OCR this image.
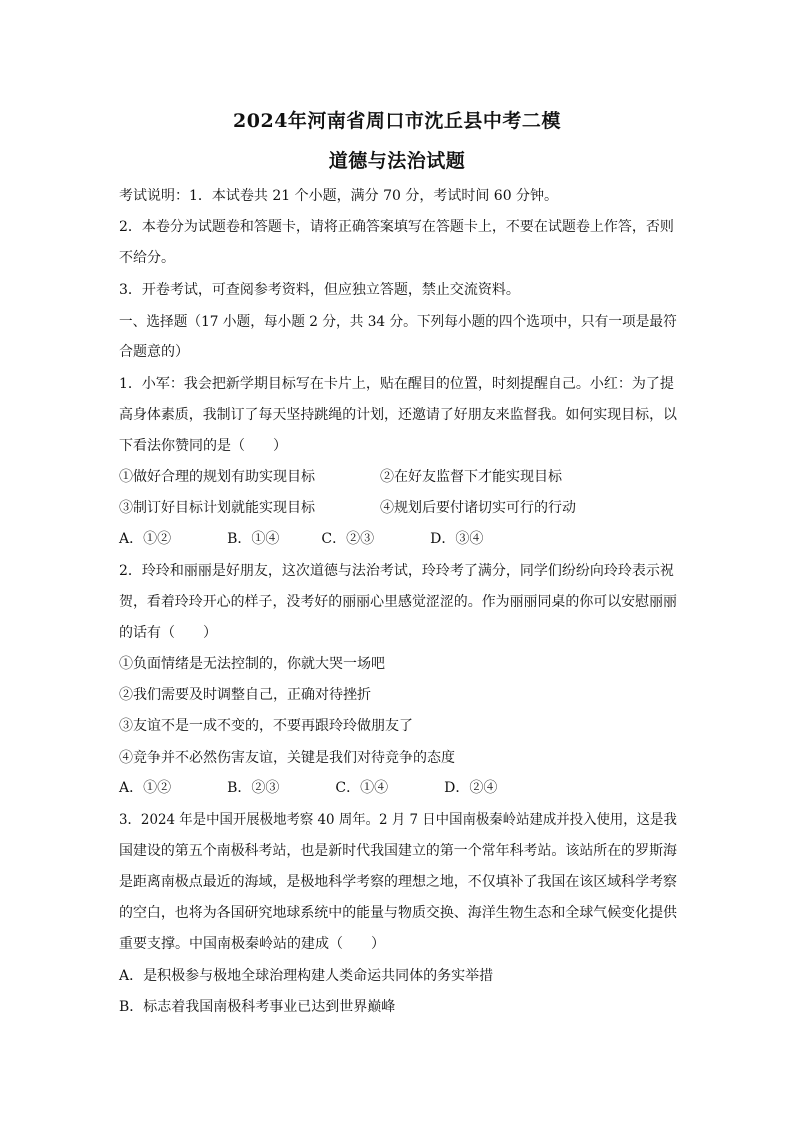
2024年河南省周口市沈丘县中考二模
道德与法治试题
考试说明：1．本试卷共 21 个小题，满分 70 分，考试时间 60 分钟。
2．本卷分为试题卷和答题卡，请将正确答案填写在答题卡上，不要在试题卷上作答，否则
不给分。
3．开卷考试，可查阅参考资料，但应独立答题，禁止交流资料。
一、选择题（17 小题，每小题 2 分，共 34 分。下列每小题的四个选项中，只有一项是最符
合题意的）
1．小军：我会把新学期目标写在卡片上，贴在醒目的位置，时刻提醒自己。小红：为了提
高身体素质，我制订了每天坚持跳绳的计划，还邀请了好朋友来监督我。如何实现目标，以
下看法你赞同的是（　　）
①做好合理的规划有助实现目标	②在好友监督下才能实现目标
③制订好目标计划就能实现目标	④规划后要付诸切实可行的行动
A．①②　　　　B．①④　　　C．②③　　　　D．③④
2．玲玲和丽丽是好朋友，这次道德与法治考试，玲玲考了满分，同学们纷纷向玲玲表示祝
贺，看着玲玲开心的样子，没考好的丽丽心里感觉涩涩的。作为丽丽同桌的你可以安慰丽丽
的话有（　　）
①负面情绪是无法控制的，你就大哭一场吧
②我们需要及时调整自己，正确对待挫折
③友谊不是一成不变的，不要再跟玲玲做朋友了
④竞争并不必然伤害友谊，关键是我们对待竞争的态度
A．①②　　　　B．②③　　　　C．①④　　　　D．②④
3．2024 年是中国开展极地考察 40 周年。2 月 7 日中国南极秦岭站建成并投入使用，这是我
国建设的第五个南极科考站，也是新时代我国建立的第一个常年科考站。该站所在的罗斯海
是距离南极点最近的海域，是极地科学考察的理想之地，不仅填补了我国在该区域科学考察
的空白，也将为各国研究地球系统中的能量与物质交换、海洋生物生态和全球气候变化提供
重要支撑。中国南极秦岭站的建成（　　）
A．是积极参与极地全球治理构建人类命运共同体的务实举措
B．标志着我国南极科考事业已达到世界巅峰
